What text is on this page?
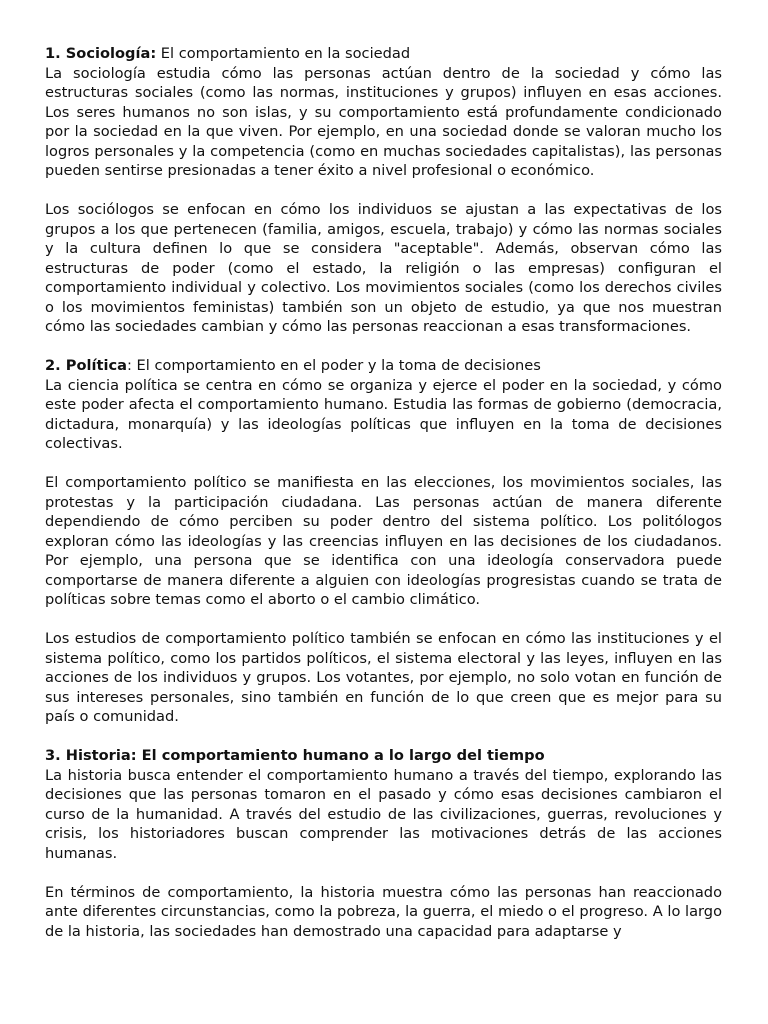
1. Sociología: El comportamiento en la sociedad

La sociología estudia cómo las personas actúan dentro de la sociedad y cómo las estructuras sociales (como las normas, instituciones y grupos) influyen en esas acciones. Los seres humanos no son islas, y su comportamiento está profundamente condicionado por la sociedad en la que viven. Por ejemplo, en una sociedad donde se valoran mucho los logros personales y la competencia (como en muchas sociedades capitalistas), las personas pueden sentirse presionadas a tener éxito a nivel profesional o económico.

Los sociólogos se enfocan en cómo los individuos se ajustan a las expectativas de los grupos a los que pertenecen (familia, amigos, escuela, trabajo) y cómo las normas sociales y la cultura definen lo que se considera "aceptable". Además, observan cómo las estructuras de poder (como el estado, la religión o las empresas) configuran el comportamiento individual y colectivo. Los movimientos sociales (como los derechos civiles o los movimientos feministas) también son un objeto de estudio, ya que nos muestran cómo las sociedades cambian y cómo las personas reaccionan a esas transformaciones.

2. Política: El comportamiento en el poder y la toma de decisiones

La ciencia política se centra en cómo se organiza y ejerce el poder en la sociedad, y cómo este poder afecta el comportamiento humano. Estudia las formas de gobierno (democracia, dictadura, monarquía) y las ideologías políticas que influyen en la toma de decisiones colectivas.

El comportamiento político se manifiesta en las elecciones, los movimientos sociales, las protestas y la participación ciudadana. Las personas actúan de manera diferente dependiendo de cómo perciben su poder dentro del sistema político. Los politólogos exploran cómo las ideologías y las creencias influyen en las decisiones de los ciudadanos. Por ejemplo, una persona que se identifica con una ideología conservadora puede comportarse de manera diferente a alguien con ideologías progresistas cuando se trata de políticas sobre temas como el aborto o el cambio climático.

Los estudios de comportamiento político también se enfocan en cómo las instituciones y el sistema político, como los partidos políticos, el sistema electoral y las leyes, influyen en las acciones de los individuos y grupos. Los votantes, por ejemplo, no solo votan en función de sus intereses personales, sino también en función de lo que creen que es mejor para su país o comunidad.

3. Historia: El comportamiento humano a lo largo del tiempo

La historia busca entender el comportamiento humano a través del tiempo, explorando las decisiones que las personas tomaron en el pasado y cómo esas decisiones cambiaron el curso de la humanidad. A través del estudio de las civilizaciones, guerras, revoluciones y crisis, los historiadores buscan comprender las motivaciones detrás de las acciones humanas.

En términos de comportamiento, la historia muestra cómo las personas han reaccionado ante diferentes circunstancias, como la pobreza, la guerra, el miedo o el progreso. A lo largo de la historia, las sociedades han demostrado una capacidad para adaptarse y
